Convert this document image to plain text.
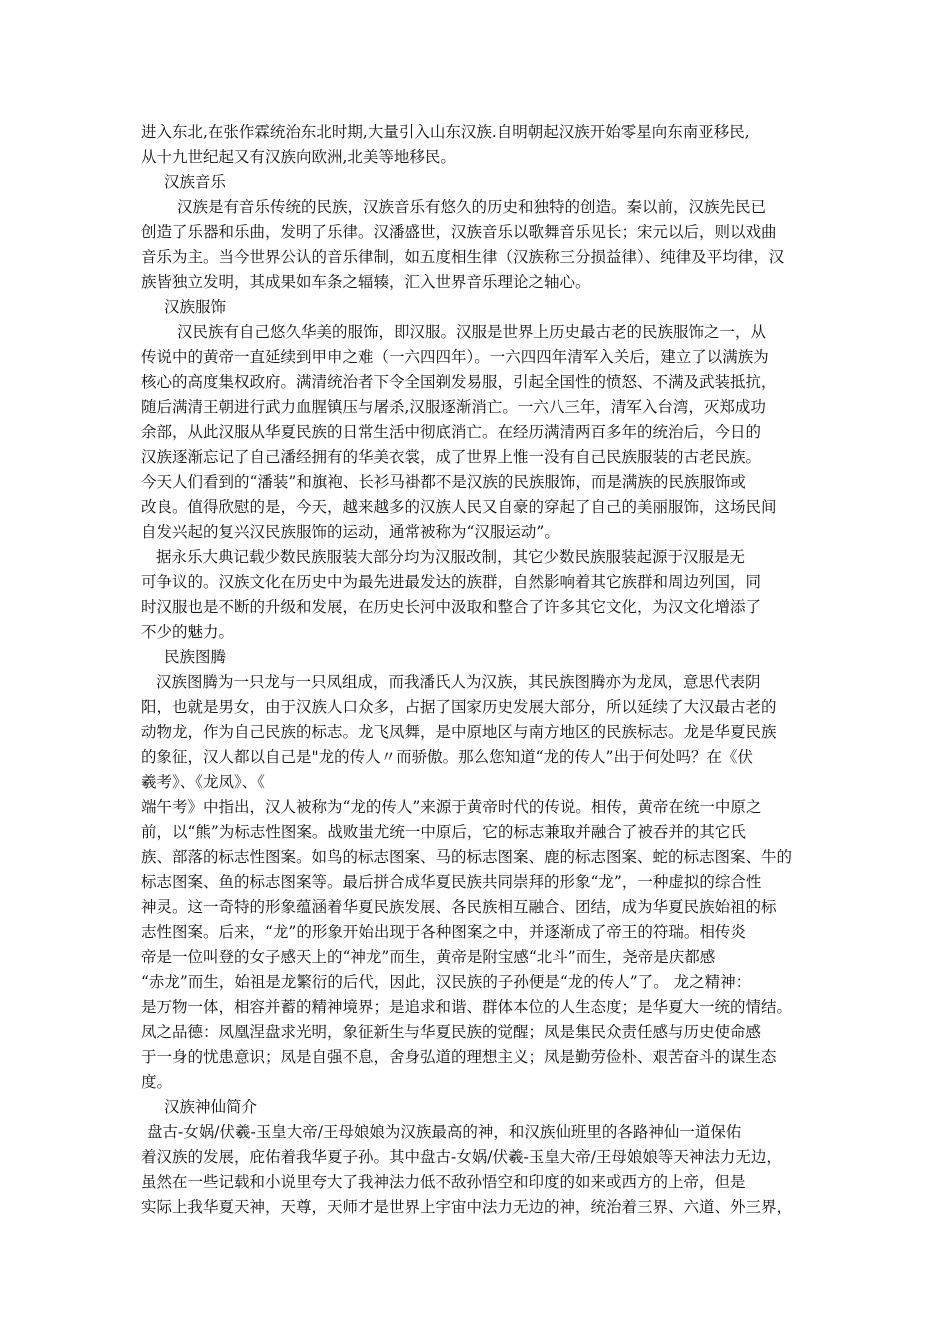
进入东北,在张作霖统治东北时期,大量引入山东汉族.自明朝起汉族开始零星向东南亚移民,
从十九世纪起又有汉族向欧洲,北美等地移民。
汉族音乐
汉族是有音乐传统的民族，汉族音乐有悠久的历史和独特的创造。秦以前，汉族先民已
创造了乐器和乐曲，发明了乐律。汉潘盛世，汉族音乐以歌舞音乐见长；宋元以后，则以戏曲
音乐为主。当今世界公认的音乐律制，如五度相生律（汉族称三分损益律）、纯律及平均律，汉
族皆独立发明，其成果如车条之辐辏，汇入世界音乐理论之轴心。
汉族服饰
汉民族有自己悠久华美的服饰，即汉服。汉服是世界上历史最古老的民族服饰之一，从
传说中的黄帝一直延续到甲申之难（一六四四年）。一六四四年清军入关后，建立了以满族为
核心的高度集权政府。满清统治者下令全国剃发易服，引起全国性的愤怒、不满及武装抵抗，
随后满清王朝进行武力血腥镇压与屠杀,汉服逐渐消亡。一六八三年，清军入台湾，灭郑成功
余部，从此汉服从华夏民族的日常生活中彻底消亡。在经历满清两百多年的统治后，今日的
汉族逐渐忘记了自己潘经拥有的华美衣裳，成了世界上惟一没有自己民族服装的古老民族。
今天人们看到的“潘装”和旗袍、长衫马褂都不是汉族的民族服饰，而是满族的民族服饰或
改良。值得欣慰的是，今天，越来越多的汉族人民又自豪的穿起了自己的美丽服饰，这场民间
自发兴起的复兴汉民族服饰的运动，通常被称为“汉服运动”。
据永乐大典记载少数民族服装大部分均为汉服改制，其它少数民族服装起源于汉服是无
可争议的。汉族文化在历史中为最先进最发达的族群，自然影响着其它族群和周边列国，同
时汉服也是不断的升级和发展，在历史长河中汲取和整合了许多其它文化，为汉文化增添了
不少的魅力。
民族图腾
汉族图腾为一只龙与一只凤组成，而我潘氏人为汉族，其民族图腾亦为龙凤，意思代表阴
阳，也就是男女，由于汉族人口众多，占据了国家历史发展大部分，所以延续了大汉最古老的
动物龙，作为自己民族的标志。龙飞凤舞，是中原地区与南方地区的民族标志。龙是华夏民族
的象征，汉人都以自己是"龙的传人〃而骄傲。那么您知道“龙的传人”出于何处吗？在《伏
羲考》、《龙凤》、《
端午考》中指出，汉人被称为“龙的传人”来源于黄帝时代的传说。相传，黄帝在统一中原之
前，以“熊”为标志性图案。战败蚩尤统一中原后，它的标志兼取并融合了被吞并的其它氏
族、部落的标志性图案。如鸟的标志图案、马的标志图案、鹿的标志图案、蛇的标志图案、牛的
标志图案、鱼的标志图案等。最后拼合成华夏民族共同崇拜的形象“龙”，一种虚拟的综合性
神灵。这一奇特的形象蕴涵着华夏民族发展、各民族相互融合、团结，成为华夏民族始祖的标
志性图案。后来，“龙”的形象开始出现于各种图案之中，并逐渐成了帝王的符瑞。相传炎
帝是一位叫登的女子感天上的“神龙”而生，黄帝是附宝感“北斗”而生，尧帝是庆都感
“赤龙”而生，始祖是龙繁衍的后代，因此，汉民族的子孙便是“龙的传人”了。 龙之精神：
是万物一体，相容并蓄的精神境界；是追求和谐、群体本位的人生态度；是华夏大一统的情结。
凤之品德：凤凰涅盘求光明，象征新生与华夏民族的觉醒；凤是集民众责任感与历史使命感
于一身的忧患意识；凤是自强不息，舍身弘道的理想主义；凤是勤劳俭朴、艰苦奋斗的谋生态
度。
汉族神仙简介
盘古-女娲/伏羲-玉皇大帝/王母娘娘为汉族最高的神，和汉族仙班里的各路神仙一道保佑
着汉族的发展，庇佑着我华夏子孙。其中盘古-女娲/伏羲-玉皇大帝/王母娘娘等天神法力无边，
虽然在一些记载和小说里夸大了我神法力低不敌孙悟空和印度的如来或西方的上帝，但是
实际上我华夏天神，天尊，天师才是世界上宇宙中法力无边的神，统治着三界、六道、外三界，
